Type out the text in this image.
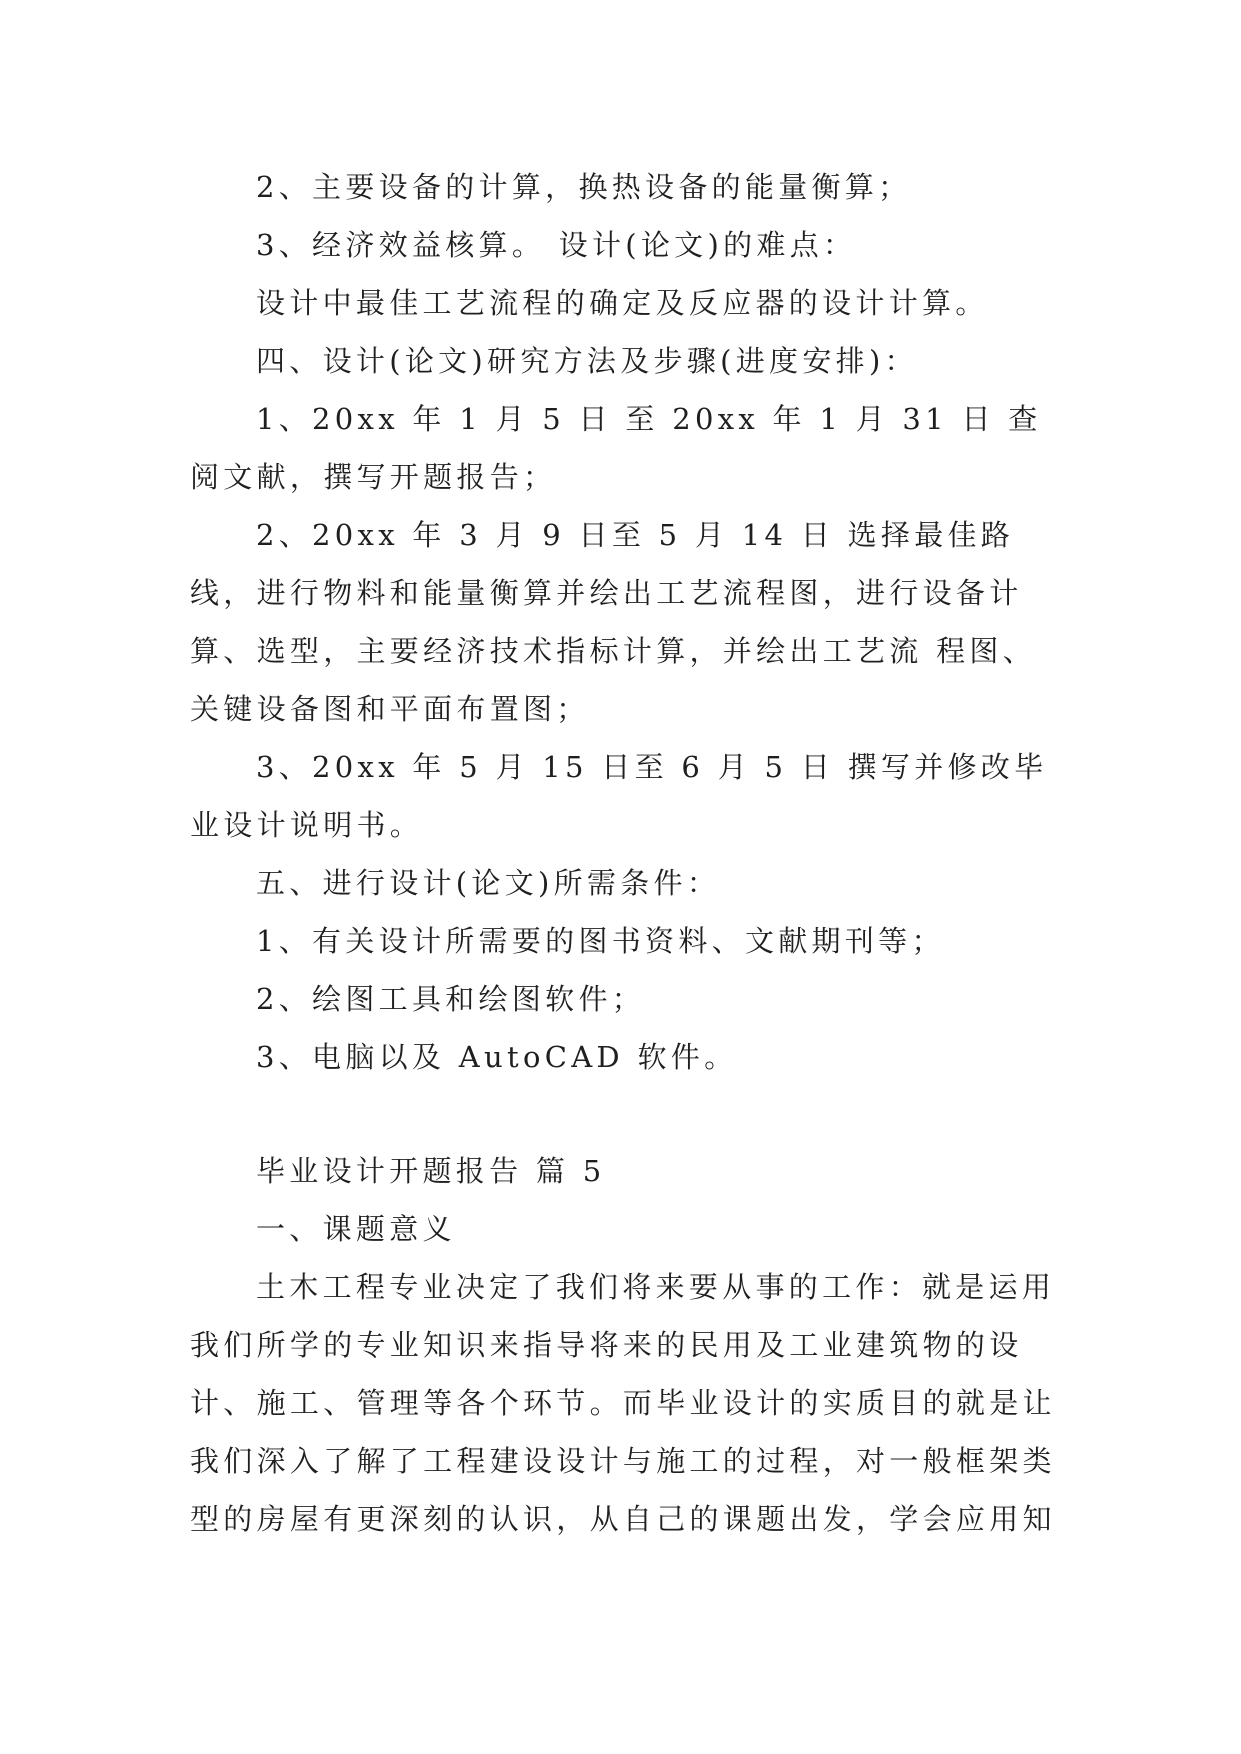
2、主要设备的计算，换热设备的能量衡算；

3、经济效益核算。 设计(论文)的难点：

设计中最佳工艺流程的确定及反应器的设计计算。

四、设计(论文)研究方法及步骤(进度安排)：

1、20xx 年 1 月 5 日 至 20xx 年 1 月 31 日 查阅文献，撰写开题报告；

2、20xx 年 3 月 9 日至 5 月 14 日 选择最佳路线，进行物料和能量衡算并绘出工艺流程图，进行设备计算、选型，主要经济技术指标计算，并绘出工艺流 程图、关键设备图和平面布置图；

3、20xx 年 5 月 15 日至 6 月 5 日 撰写并修改毕业设计说明书。

五、进行设计(论文)所需条件：

1、有关设计所需要的图书资料、文献期刊等；

2、绘图工具和绘图软件；

3、电脑以及 AutoCAD 软件。

毕业设计开题报告 篇 5

一、课题意义

土木工程专业决定了我们将来要从事的工作：就是运用我们所学的专业知识来指导将来的民用及工业建筑物的设计、施工、管理等各个环节。而毕业设计的实质目的就是让我们深入了解了工程建设设计与施工的过程，对一般框架类型的房屋有更深刻的认识，从自己的课题出发，学会应用知
